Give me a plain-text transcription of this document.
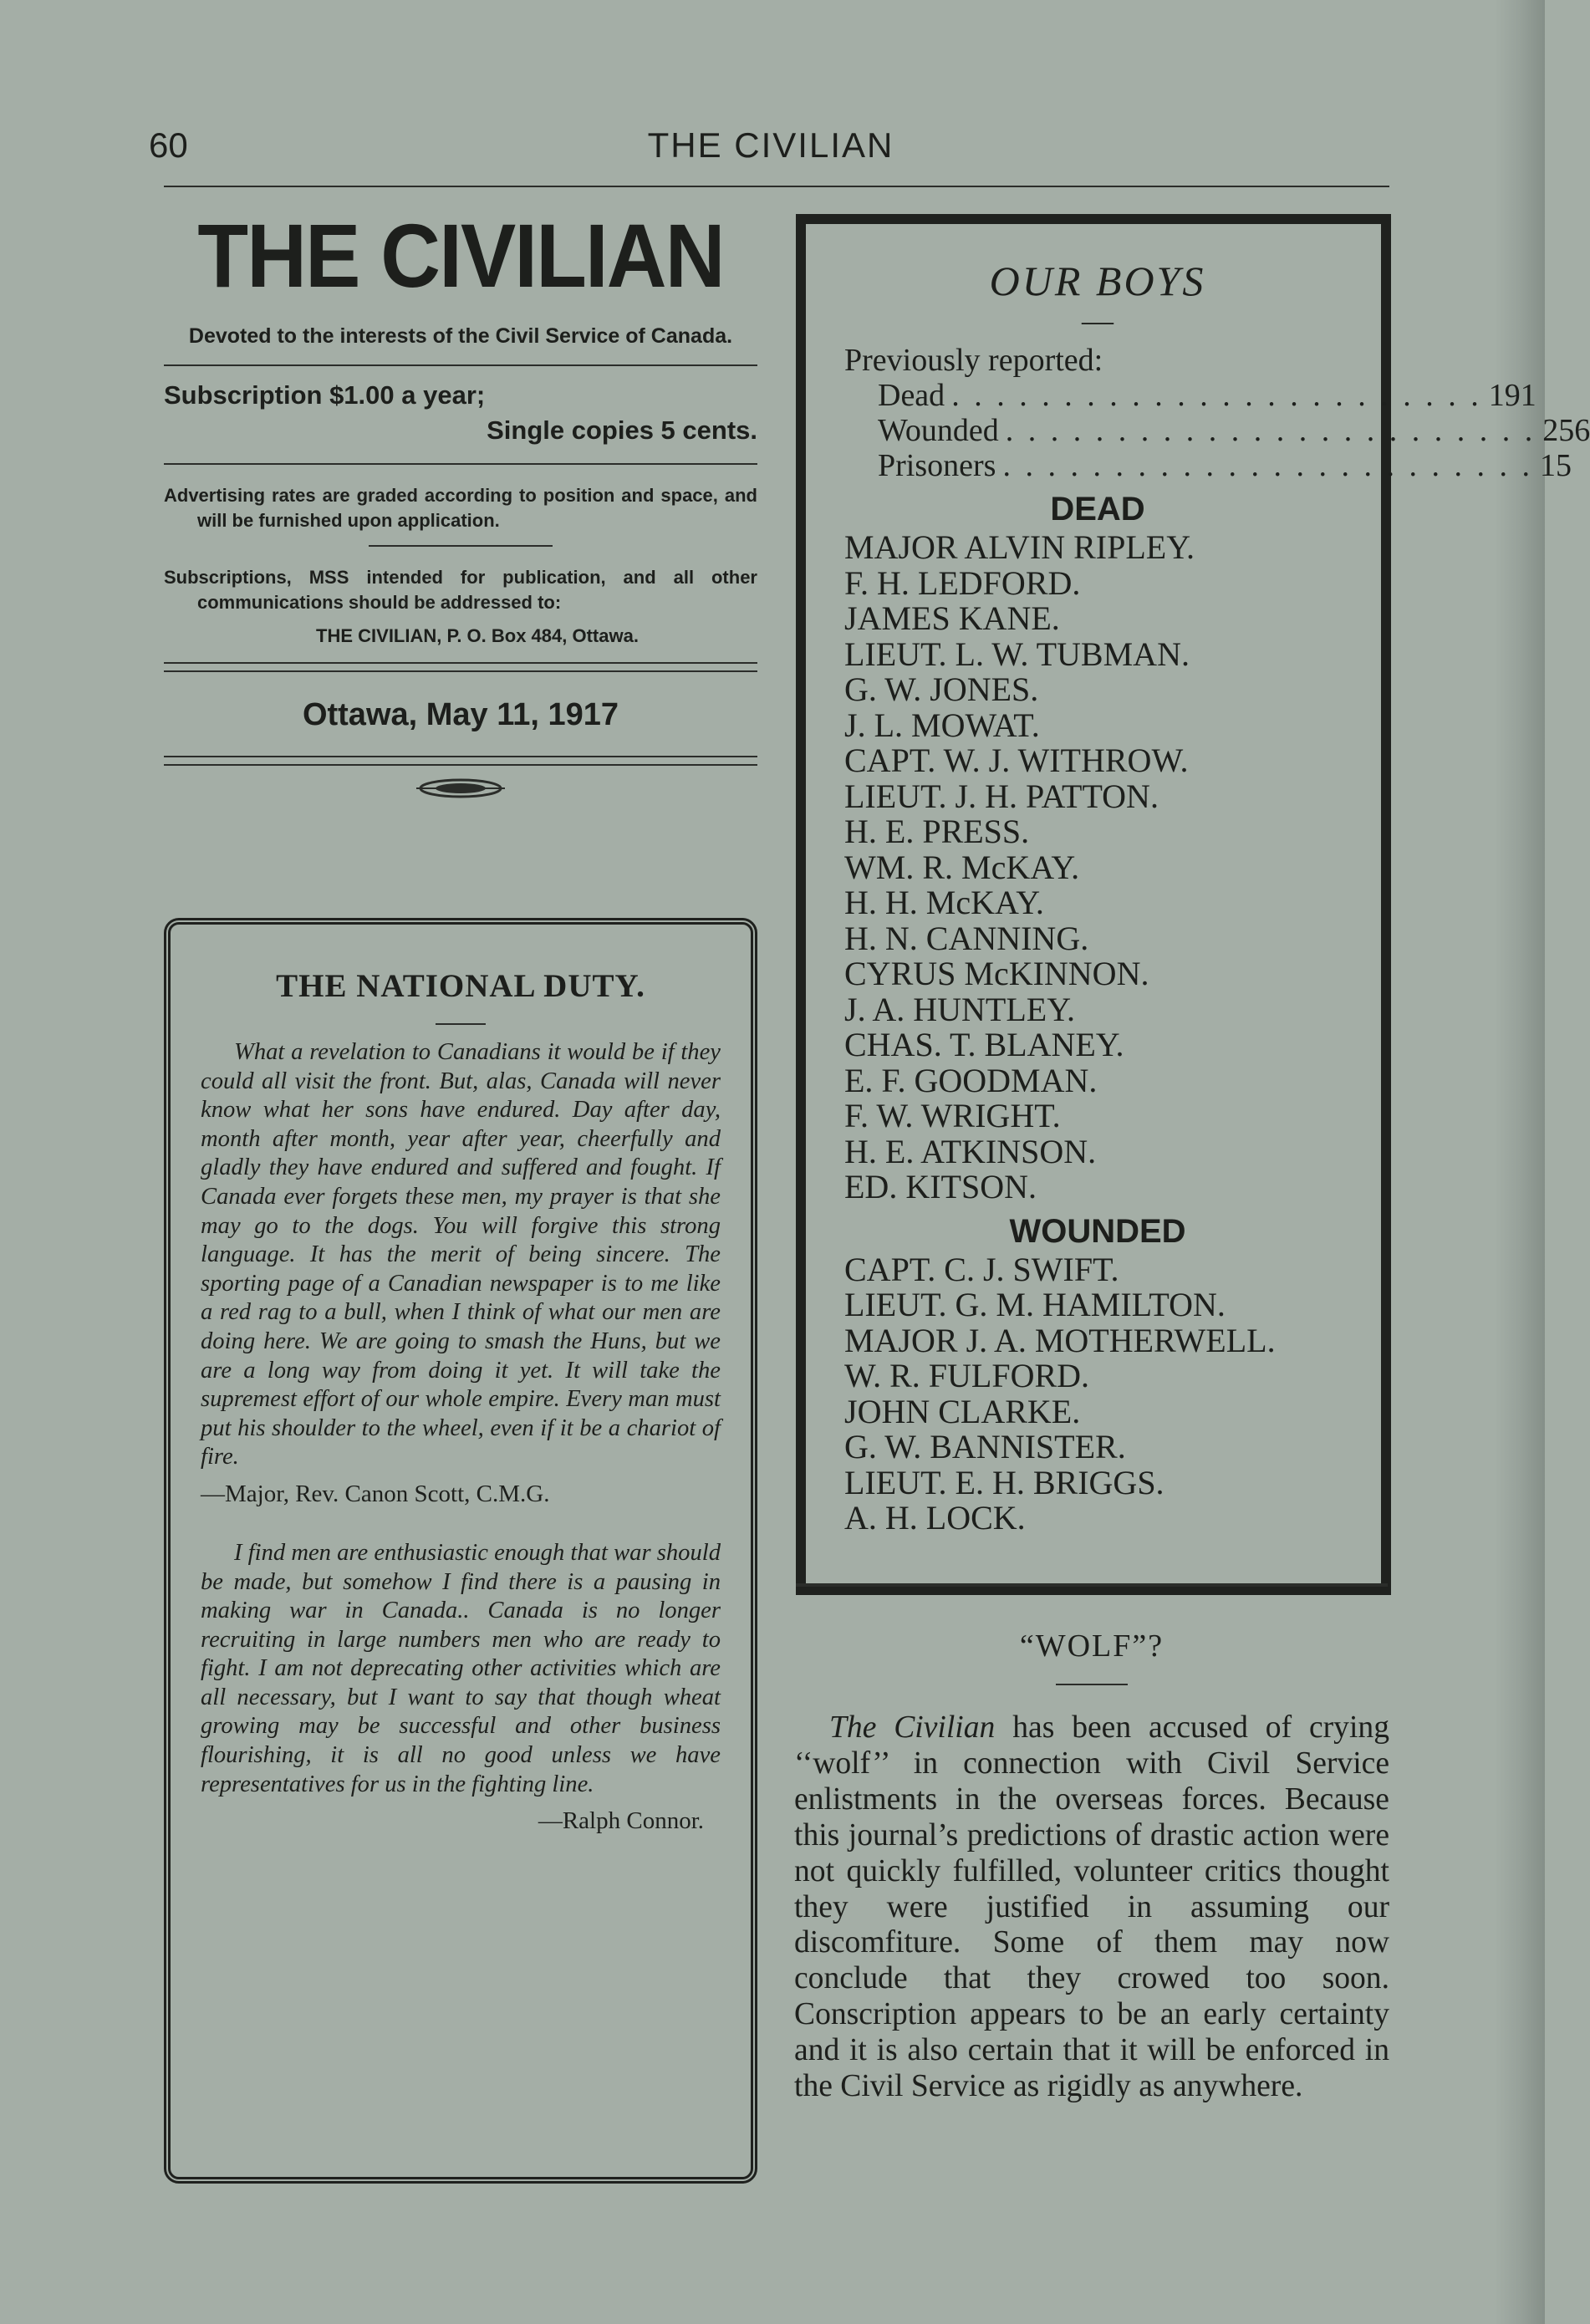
60	THE CIVILIAN
THE CIVILIAN
Devoted to the interests of the Civil Service of Canada.
Subscription $1.00 a year;
Single copies 5 cents.

Advertising rates are graded according to position and space, and will be furnished upon application.

Subscriptions, MSS intended for publication, and all other communications should be addressed to:

THE CIVILIAN, P. O. Box 484, Ottawa.
Ottawa, May 11, 1917
THE NATIONAL DUTY.

What a revelation to Canadians it would be if they could all visit the front. But, alas, Canada will never know what her sons have endured. Day after day, month after month, year after year, cheerfully and gladly they have endured and suffered and fought. If Canada ever forgets these men, my prayer is that she may go to the dogs. You will forgive this strong language. It has the merit of being sincere. The sporting page of a Canadian newspaper is to me like a red rag to a bull, when I think of what our men are doing here. We are going to smash the Huns, but we are a long way from doing it yet. It will take the supremest effort of our whole empire. Every man must put his shoulder to the wheel, even if it be a chariot of fire.

—Major, Rev. Canon Scott, C.M.G.

I find men are enthusiastic enough that war should be made, but somehow I find there is a pausing in making war in Canada.. Canada is no longer recruiting in large numbers men who are ready to fight. I am not deprecating other activities which are all necessary, but I want to say that though wheat growing may be successful and other business flourishing, it is all no good unless we have representatives for us in the fighting line.

—Ralph Connor.

OUR BOYS
—
Previously reported:
Dead . . . . . . . . . . . . . . . . . . . . . . . . 191
Wounded . . . . . . . . . . . . . . . . . . . . . . . . 256
Prisoners . . . . . . . . . . . . . . . . . . . . . . . . 15
DEAD
MAJOR ALVIN RIPLEY.
F. H. LEDFORD.
JAMES KANE.
LIEUT. L. W. TUBMAN.
G. W. JONES.
J. L. MOWAT.
CAPT. W. J. WITHROW.
LIEUT. J. H. PATTON.
H. E. PRESS.
WM. R. McKAY.
H. H. McKAY.
H. N. CANNING.
CYRUS McKINNON.
J. A. HUNTLEY.
CHAS. T. BLANEY.
E. F. GOODMAN.
F. W. WRIGHT.
H. E. ATKINSON.
ED. KITSON.
WOUNDED
CAPT. C. J. SWIFT.
LIEUT. G. M. HAMILTON.
MAJOR J. A. MOTHERWELL.
W. R. FULFORD.
JOHN CLARKE.
G. W. BANNISTER.
LIEUT. E. H. BRIGGS.
A. H. LOCK.
“WOLF”?

The Civilian has been accused of crying ‘‘wolf’’ in connection with Civil Service enlistments in the overseas forces. Because this journal’s predictions of drastic action were not quickly fulfilled, volunteer critics thought they were justified in assuming our discomfiture. Some of them may now conclude that they crowed too soon. Conscription appears to be an early certainty and it is also certain that it will be enforced in the Civil Service as rigidly as anywhere.
